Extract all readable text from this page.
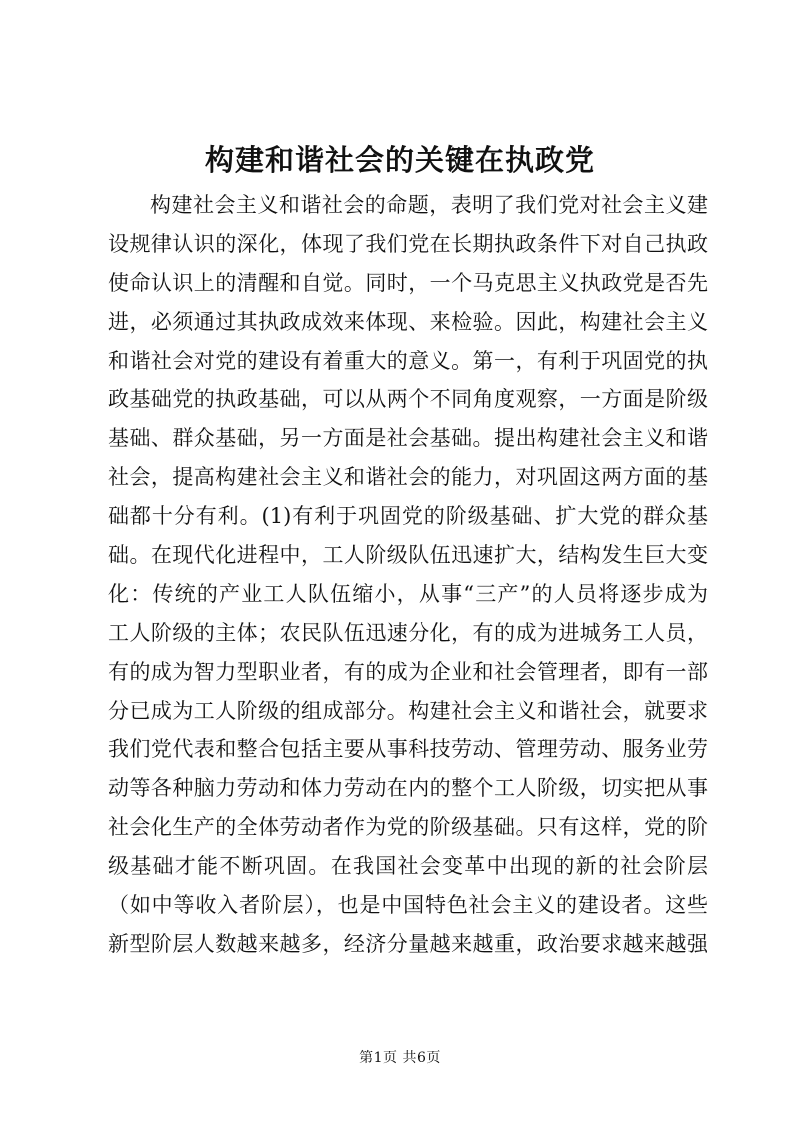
构建和谐社会的关键在执政党
构建社会主义和谐社会的命题，表明了我们党对社会主义建
设规律认识的深化，体现了我们党在长期执政条件下对自己执政
使命认识上的清醒和自觉。同时，一个马克思主义执政党是否先
进，必须通过其执政成效来体现、来检验。因此，构建社会主义
和谐社会对党的建设有着重大的意义。第一，有利于巩固党的执
政基础党的执政基础，可以从两个不同角度观察，一方面是阶级
基础、群众基础，另一方面是社会基础。提出构建社会主义和谐
社会，提高构建社会主义和谐社会的能力，对巩固这两方面的基
础都十分有利。(1)有利于巩固党的阶级基础、扩大党的群众基
础。在现代化进程中，工人阶级队伍迅速扩大，结构发生巨大变
化：传统的产业工人队伍缩小，从事“三产”的人员将逐步成为
工人阶级的主体；农民队伍迅速分化，有的成为进城务工人员，
有的成为智力型职业者，有的成为企业和社会管理者，即有一部
分已成为工人阶级的组成部分。构建社会主义和谐社会，就要求
我们党代表和整合包括主要从事科技劳动、管理劳动、服务业劳
动等各种脑力劳动和体力劳动在内的整个工人阶级，切实把从事
社会化生产的全体劳动者作为党的阶级基础。只有这样，党的阶
级基础才能不断巩固。在我国社会变革中出现的新的社会阶层
（如中等收入者阶层），也是中国特色社会主义的建设者。这些
新型阶层人数越来越多，经济分量越来越重，政治要求越来越强
第1页 共6页
